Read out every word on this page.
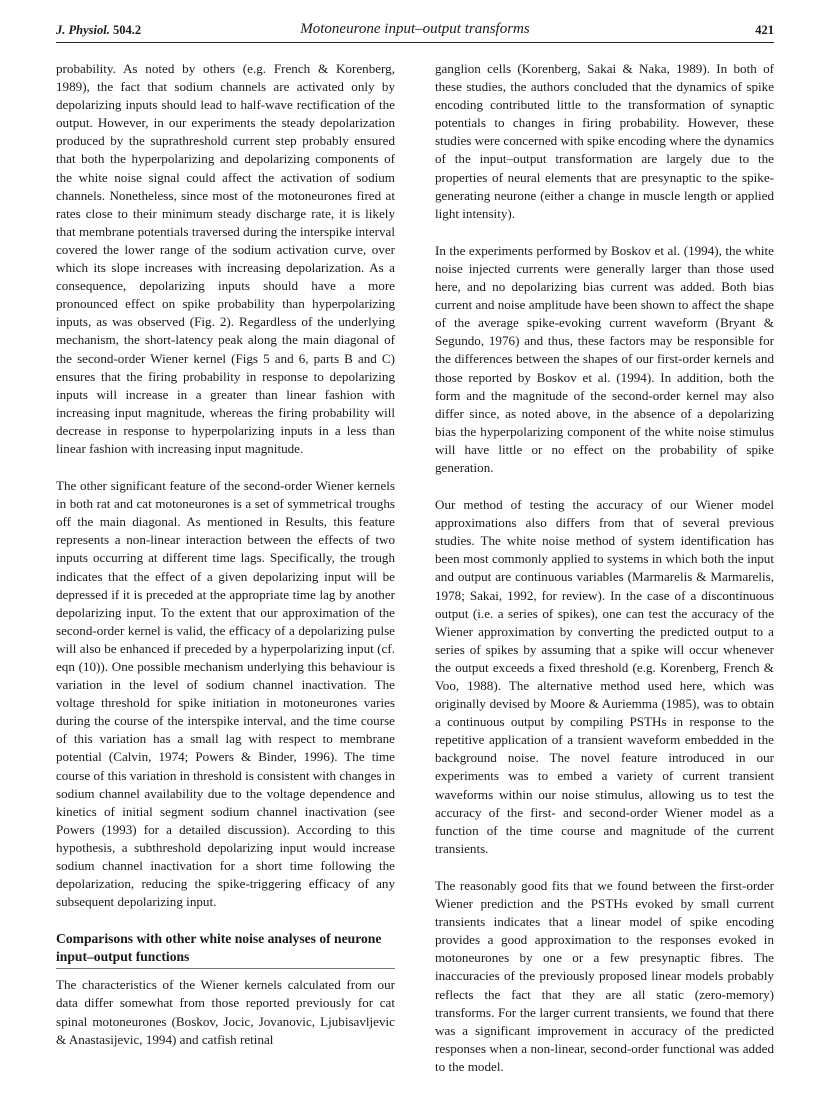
J. Physiol. 504.2	Motoneurone input–output transforms	421

probability. As noted by others (e.g. French & Korenberg, 1989), the fact that sodium channels are activated only by depolarizing inputs should lead to half-wave rectification of the output. However, in our experiments the steady depolarization produced by the suprathreshold current step probably ensured that both the hyperpolarizing and depolarizing components of the white noise signal could affect the activation of sodium channels. Nonetheless, since most of the motoneurones fired at rates close to their minimum steady discharge rate, it is likely that membrane potentials traversed during the interspike interval covered the lower range of the sodium activation curve, over which its slope increases with increasing depolarization. As a consequence, depolarizing inputs should have a more pronounced effect on spike probability than hyperpolarizing inputs, as was observed (Fig. 2). Regardless of the underlying mechanism, the short-latency peak along the main diagonal of the second-order Wiener kernel (Figs 5 and 6, parts B and C) ensures that the firing probability in response to depolarizing inputs will increase in a greater than linear fashion with increasing input magnitude, whereas the firing probability will decrease in response to hyperpolarizing inputs in a less than linear fashion with increasing input magnitude.

The other significant feature of the second-order Wiener kernels in both rat and cat motoneurones is a set of symmetrical troughs off the main diagonal. As mentioned in Results, this feature represents a non-linear interaction between the effects of two inputs occurring at different time lags. Specifically, the trough indicates that the effect of a given depolarizing input will be depressed if it is preceded at the appropriate time lag by another depolarizing input. To the extent that our approximation of the second-order kernel is valid, the efficacy of a depolarizing pulse will also be enhanced if preceded by a hyperpolarizing input (cf. eqn (10)). One possible mechanism underlying this behaviour is variation in the level of sodium channel inactivation. The voltage threshold for spike initiation in motoneurones varies during the course of the interspike interval, and the time course of this variation has a small lag with respect to membrane potential (Calvin, 1974; Powers & Binder, 1996). The time course of this variation in threshold is consistent with changes in sodium channel availability due to the voltage dependence and kinetics of initial segment sodium channel inactivation (see Powers (1993) for a detailed discussion). According to this hypothesis, a subthreshold depolarizing input would increase sodium channel inactivation for a short time following the depolarization, reducing the spike-triggering efficacy of any subsequent depolarizing input.

Comparisons with other white noise analyses of neurone input–output functions

The characteristics of the Wiener kernels calculated from our data differ somewhat from those reported previously for cat spinal motoneurones (Boskov, Jocic, Jovanovic, Ljubisavljevic & Anastasijevic, 1994) and catfish retinal

ganglion cells (Korenberg, Sakai & Naka, 1989). In both of these studies, the authors concluded that the dynamics of spike encoding contributed little to the transformation of synaptic potentials to changes in firing probability. However, these studies were concerned with spike encoding where the dynamics of the input–output transformation are largely due to the properties of neural elements that are presynaptic to the spike-generating neurone (either a change in muscle length or applied light intensity).

In the experiments performed by Boskov et al. (1994), the white noise injected currents were generally larger than those used here, and no depolarizing bias current was added. Both bias current and noise amplitude have been shown to affect the shape of the average spike-evoking current waveform (Bryant & Segundo, 1976) and thus, these factors may be responsible for the differences between the shapes of our first-order kernels and those reported by Boskov et al. (1994). In addition, both the form and the magnitude of the second-order kernel may also differ since, as noted above, in the absence of a depolarizing bias the hyperpolarizing component of the white noise stimulus will have little or no effect on the probability of spike generation.

Our method of testing the accuracy of our Wiener model approximations also differs from that of several previous studies. The white noise method of system identification has been most commonly applied to systems in which both the input and output are continuous variables (Marmarelis & Marmarelis, 1978; Sakai, 1992, for review). In the case of a discontinuous output (i.e. a series of spikes), one can test the accuracy of the Wiener approximation by converting the predicted output to a series of spikes by assuming that a spike will occur whenever the output exceeds a fixed threshold (e.g. Korenberg, French & Voo, 1988). The alternative method used here, which was originally devised by Moore & Auriemma (1985), was to obtain a continuous output by compiling PSTHs in response to the repetitive application of a transient waveform embedded in the background noise. The novel feature introduced in our experiments was to embed a variety of current transient waveforms within our noise stimulus, allowing us to test the accuracy of the first- and second-order Wiener model as a function of the time course and magnitude of the current transients.

The reasonably good fits that we found between the first-order Wiener prediction and the PSTHs evoked by small current transients indicates that a linear model of spike encoding provides a good approximation to the responses evoked in motoneurones by one or a few presynaptic fibres. The inaccuracies of the previously proposed linear models probably reflects the fact that they are all static (zero-memory) transforms. For the larger current transients, we found that there was a significant improvement in accuracy of the predicted responses when a non-linear, second-order functional was added to the model.
